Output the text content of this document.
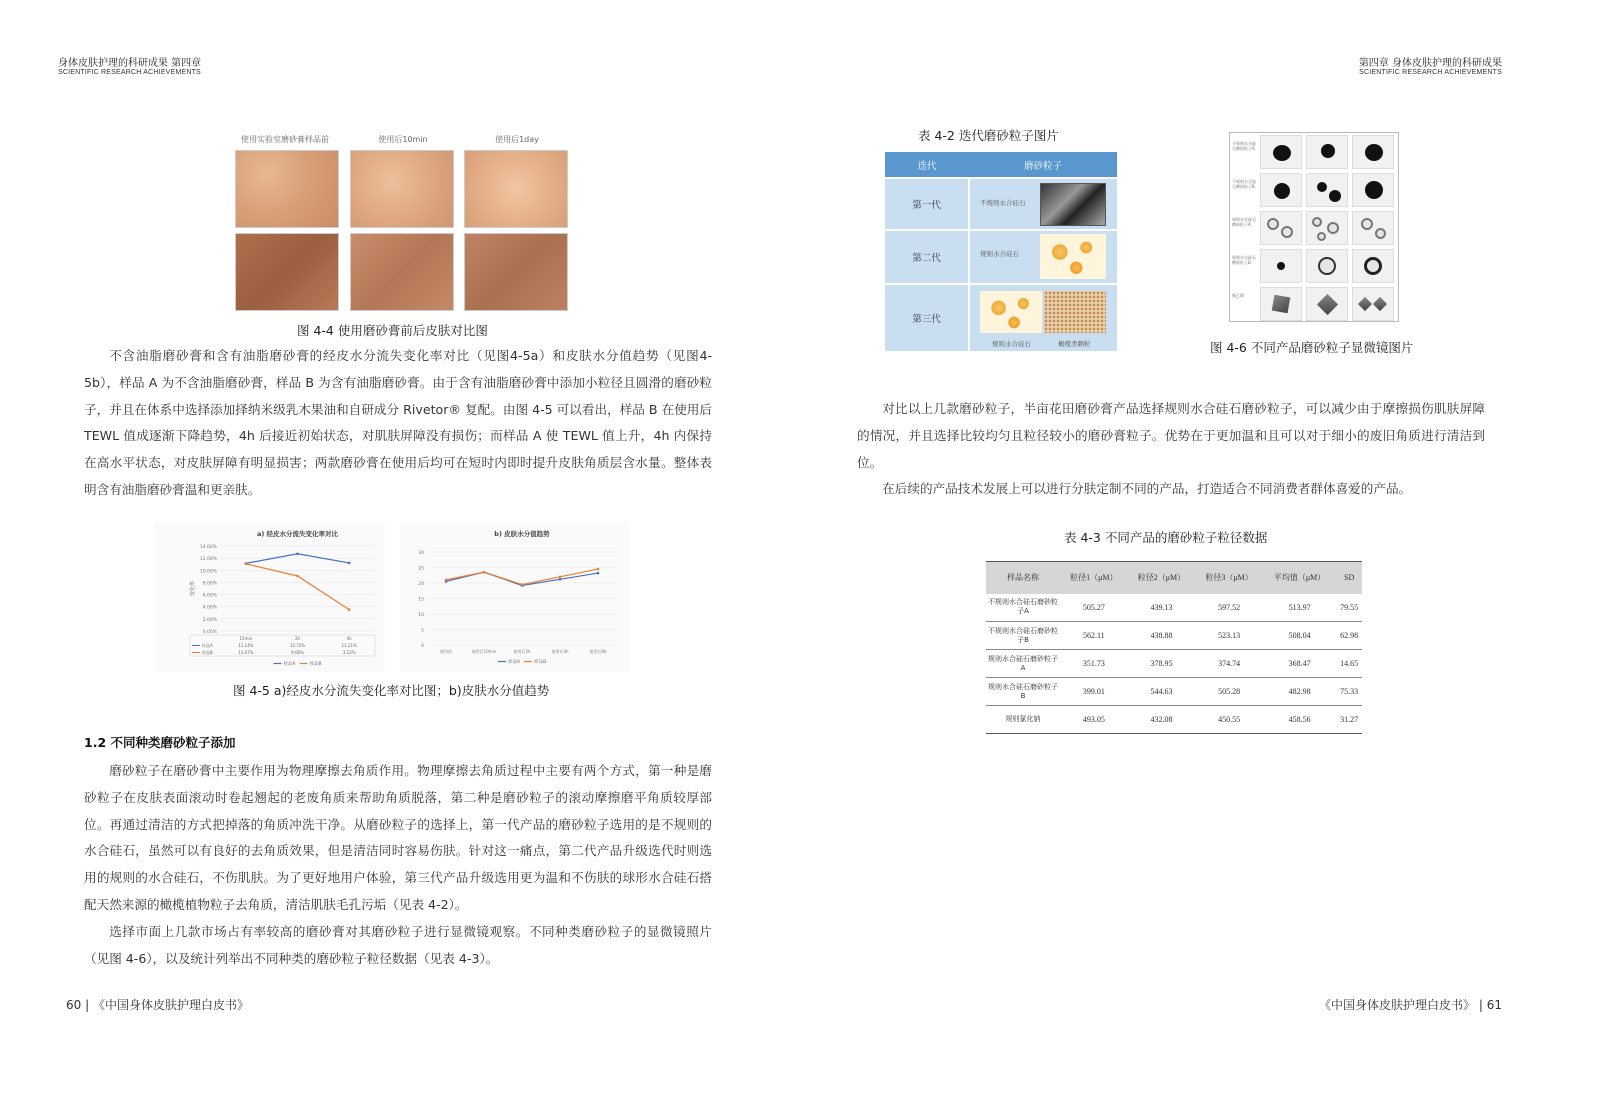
身体皮肤护理的科研成果 第四章
SCIENTIFIC RESEARCH ACHIEVEMENTS
使用实验室磨砂膏样品前	使用后10min	使用后1day
图 4-4 使用磨砂膏前后皮肤对比图

不含油脂磨砂膏和含有油脂磨砂膏的经皮水分流失变化率对比（见图4-5a）和皮肤水分值趋势（见图4-5b），样品 A 为不含油脂磨砂膏，样品 B 为含有油脂磨砂膏。由于含有油脂磨砂膏中添加小粒径且圆滑的磨砂粒子，并且在体系中选择添加择纳米级乳木果油和自研成分 Rivetor® 复配。由图 4-5 可以看出，样品 B 在使用后 TEWL 值成逐渐下降趋势，4h 后接近初始状态，对肌肤屏障没有损伤；而样品 A 使 TEWL 值上升，4h 内保持在高水平状态，对皮肤屏障有明显损害；两款磨砂膏在使用后均可在短时内即时提升皮肤角质层含水量。整体表明含有油脂磨砂膏温和更亲肤。

a) 经皮水分流失变化率对比
0.00%
2.00%
4.00%
6.00%
8.00%
10.00%
12.00%
14.00%
变化率
15min	2h	4h
样品A	11.14%	12.72%	11.21%
样品B	11.07%	9.06%	3.53%
样品A	样品B
b) 皮肤水分值趋势
0
5
10
15
20
25
30
使用前	使用后10min	使用后2h	使用后4h	使用后6h
样品A	样品B
图 4-5 a)经皮水分流失变化率对比图；b)皮肤水分值趋势
1.2 不同种类磨砂粒子添加

磨砂粒子在磨砂膏中主要作用为物理摩擦去角质作用。物理摩擦去角质过程中主要有两个方式，第一种是磨砂粒子在皮肤表面滚动时卷起翘起的老废角质来帮助角质脱落，第二种是磨砂粒子的滚动摩擦磨平角质较厚部位。再通过清洁的方式把掉落的角质冲洗干净。从磨砂粒子的选择上，第一代产品的磨砂粒子选用的是不规则的水合硅石，虽然可以有良好的去角质效果，但是清洁同时容易伤肤。针对这一痛点，第二代产品升级选代时则选用的规则的水合硅石，不伤肌肤。为了更好地用户体验，第三代产品升级选用更为温和不伤肤的球形水合硅石搭配天然来源的橄榄植物粒子去角质，清洁肌肤毛孔污垢（见表 4-2）。

选择市面上几款市场占有率较高的磨砂膏对其磨砂粒子进行显微镜观察。不同种类磨砂粒子的显微镜照片（见图 4-6），以及统计列举出不同种类的磨砂粒子粒径数据（见表 4-3）。

60 | 《中国身体皮肤护理白皮书》
第四章 身体皮肤护理的科研成果
SCIENTIFIC RESEARCH ACHIEVEMENTS
表 4-2 迭代磨砂粒子图片
迭代	磨砂粒子
第一代	不规则水合硅石

第二代	规则水合硅石

第三代	规则水合硅石 橄榄类颗粒
不规则水合硅石磨砂粒子A
不规则水合硅石磨砂粒子B
规则水合硅石磨砂粒子A
规则水合硅石磨砂粒子B
聚乙烯
图 4-6 不同产品磨砂粒子显微镜图片

对比以上几款磨砂粒子，半亩花田磨砂膏产品选择规则水合硅石磨砂粒子，可以减少由于摩擦损伤肌肤屏障的情况，并且选择比较均匀且粒径较小的磨砂膏粒子。优势在于更加温和且可以对于细小的废旧角质进行清洁到位。

在后续的产品技术发展上可以进行分肤定制不同的产品，打造适合不同消费者群体喜爱的产品。

表 4-3 不同产品的磨砂粒子粒径数据
样品名称	粒径1（μM）	粒径2（μM）	粒径3（μM）	平均值（μM）	SD
不规则水合硅石磨砂粒子A	505.27	439.13	597.52	513.97	79.55
不规则水合硅石磨砂粒子B	562.11	438.88	523.13	508.04	62.98
规则水合硅石磨砂粒子A	351.73	378.95	374.74	368.47	14.65
规则水合硅石磨砂粒子B	399.01	544.63	505.28	482.98	75.33
规则氯化钠	493.05	432.08	450.55	458.56	31.27
《中国身体皮肤护理白皮书》 | 61
